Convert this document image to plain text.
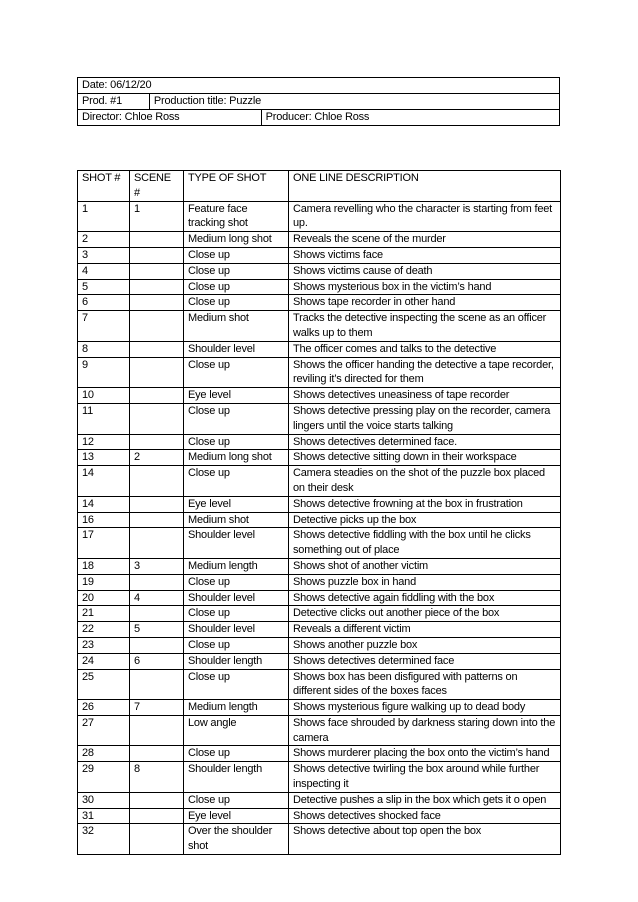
Date: 06/12/20		
Prod. #1	Production title: Puzzle	
Director: Chloe Ross		Producer: Chloe Ross
SHOT #	SCENE #	TYPE OF SHOT	ONE LINE DESCRIPTION
1	1	Feature face tracking shot	Camera revelling who the character is starting from feet up.
2		Medium long shot	Reveals the scene of the murder
3		Close up	Shows victims face
4		Close up	Shows victims cause of death
5		Close up	Shows mysterious box in the victim’s hand
6		Close up	Shows tape recorder in other hand
7		Medium shot	Tracks the detective inspecting the scene as an officer walks up to them
8		Shoulder level	The officer comes and talks to the detective
9		Close up	Shows the officer handing the detective a tape recorder, reviling it’s directed for them
10		Eye level	Shows detectives uneasiness of tape recorder
11		Close up	Shows detective pressing play on the recorder, camera lingers until the voice starts talking
12		Close up	Shows detectives determined face.
13	2	Medium long shot	Shows detective sitting down in their workspace
14		Close up	Camera steadies on the shot of the puzzle box placed on their desk
14		Eye level	Shows detective frowning at the box in frustration
16		Medium shot	Detective picks up the box
17		Shoulder level	Shows detective fiddling with the box until he clicks something out of place
18	3	Medium length	Shows shot of another victim
19		Close up	Shows puzzle box in hand
20	4	Shoulder level	Shows detective again fiddling with the box
21		Close up	Detective clicks out another piece of the box
22	5	Shoulder level	Reveals a different victim
23		Close up	Shows another puzzle box
24	6	Shoulder length	Shows detectives determined face
25		Close up	Shows box has been disfigured with patterns on different sides of the boxes faces
26	7	Medium length	Shows mysterious figure walking up to dead body
27		Low angle	Shows face shrouded by darkness staring down into the camera
28		Close up	Shows murderer placing the box onto the victim’s hand
29	8	Shoulder length	Shows detective twirling the box around while further inspecting it
30		Close up	Detective pushes a slip in the box which gets it o open
31		Eye level	Shows detectives shocked face
32		Over the shoulder shot	Shows detective about top open the box
